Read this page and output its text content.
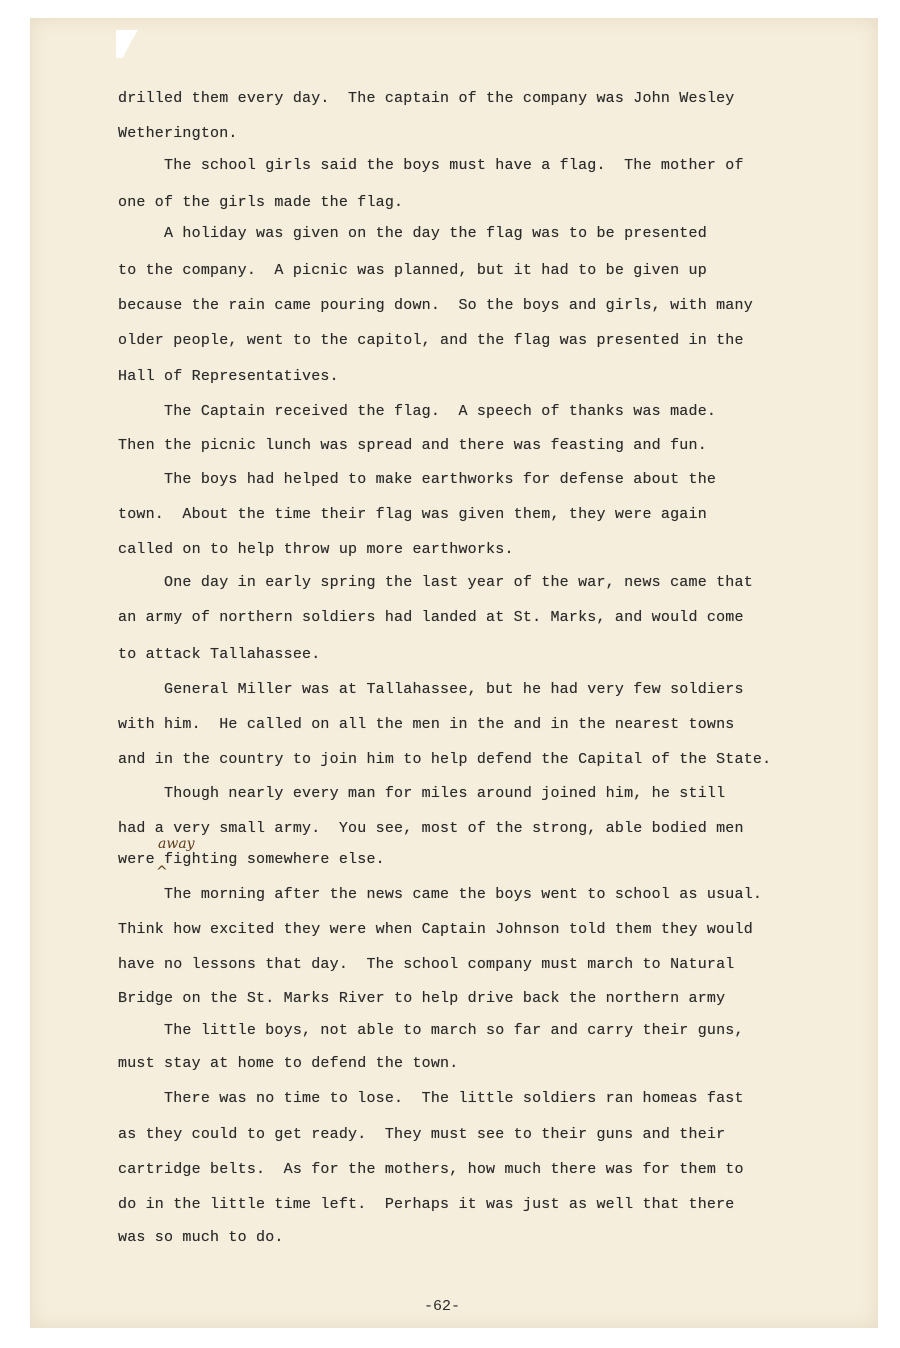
drilled them every day.  The captain of the company was John Wesley
Wetherington.
The school girls said the boys must have a flag.  The mother of
one of the girls made the flag.
A holiday was given on the day the flag was to be presented
to the company.  A picnic was planned, but it had to be given up
because the rain came pouring down.  So the boys and girls, with many
older people, went to the capitol, and the flag was presented in the
Hall of Representatives.
The Captain received the flag.  A speech of thanks was made.
Then the picnic lunch was spread and there was feasting and fun.
The boys had helped to make earthworks for defense about the
town.  About the time their flag was given them, they were again
called on to help throw up more earthworks.
One day in early spring the last year of the war, news came that
an army of northern soldiers had landed at St. Marks, and would come
to attack Tallahassee.
General Miller was at Tallahassee, but he had very few soldiers
with him.  He called on all the men in the and in the nearest towns
and in the country to join him to help defend the Capital of the State.
Though nearly every man for miles around joined him, he still
had a very small army.  You see, most of the strong, able bodied men
were fighting somewhere else.
The morning after the news came the boys went to school as usual.
Think how excited they were when Captain Johnson told them they would
have no lessons that day.  The school company must march to Natural
Bridge on the St. Marks River to help drive back the northern army
The little boys, not able to march so far and carry their guns,
must stay at home to defend the town.
There was no time to lose.  The little soldiers ran homeas fast
as they could to get ready.  They must see to their guns and their
cartridge belts.  As for the mothers, how much there was for them to
do in the little time left.  Perhaps it was just as well that there
was so much to do.
away
^
-62-
